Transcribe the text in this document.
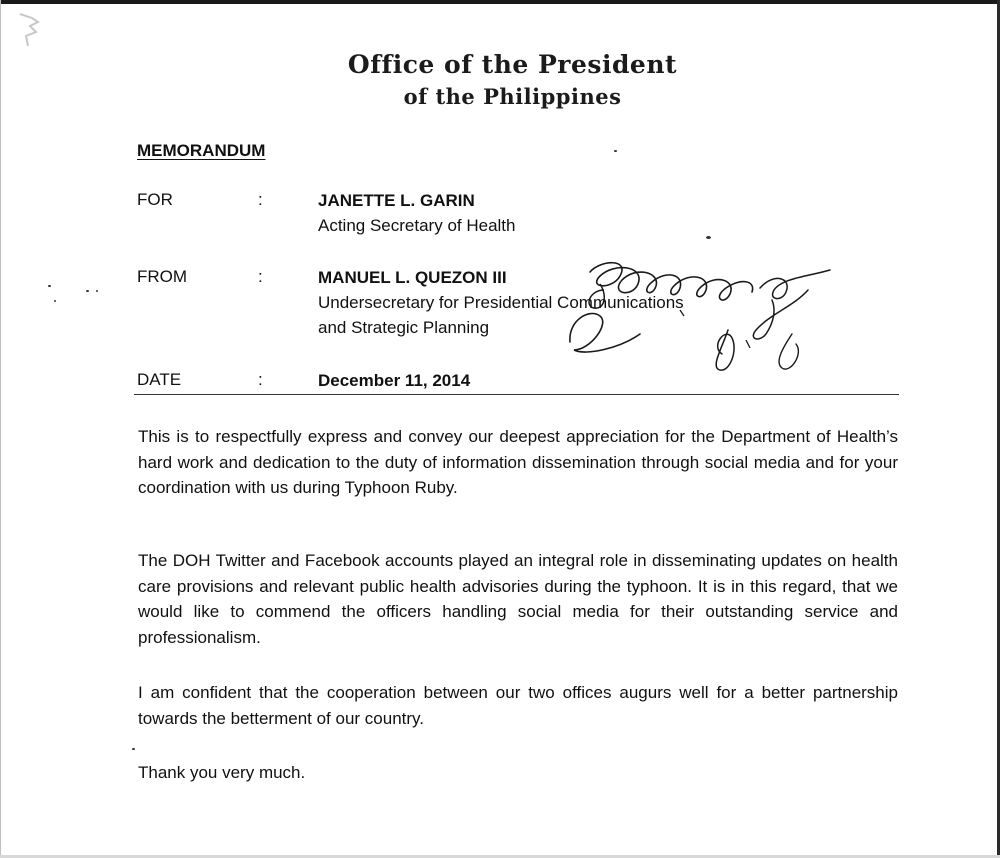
Office of the President
of the Philippines
MEMORANDUM
FOR	:	JANETTE L. GARIN
Acting Secretary of Health
FROM	:	MANUEL L. QUEZON III
Undersecretary for Presidential Communications
and Strategic Planning
DATE	:	December 11, 2014

This is to respectfully express and convey our deepest appreciation for the Department of Health’s hard work and dedication to the duty of information dissemination through social media and for your coordination with us during Typhoon Ruby.

The DOH Twitter and Facebook accounts played an integral role in disseminating updates on health care provisions and relevant public health advisories during the typhoon. It is in this regard, that we would like to commend the officers handling social media for their outstanding service and professionalism.

I am confident that the cooperation between our two offices augurs well for a better partnership towards the betterment of our country.

Thank you very much.
